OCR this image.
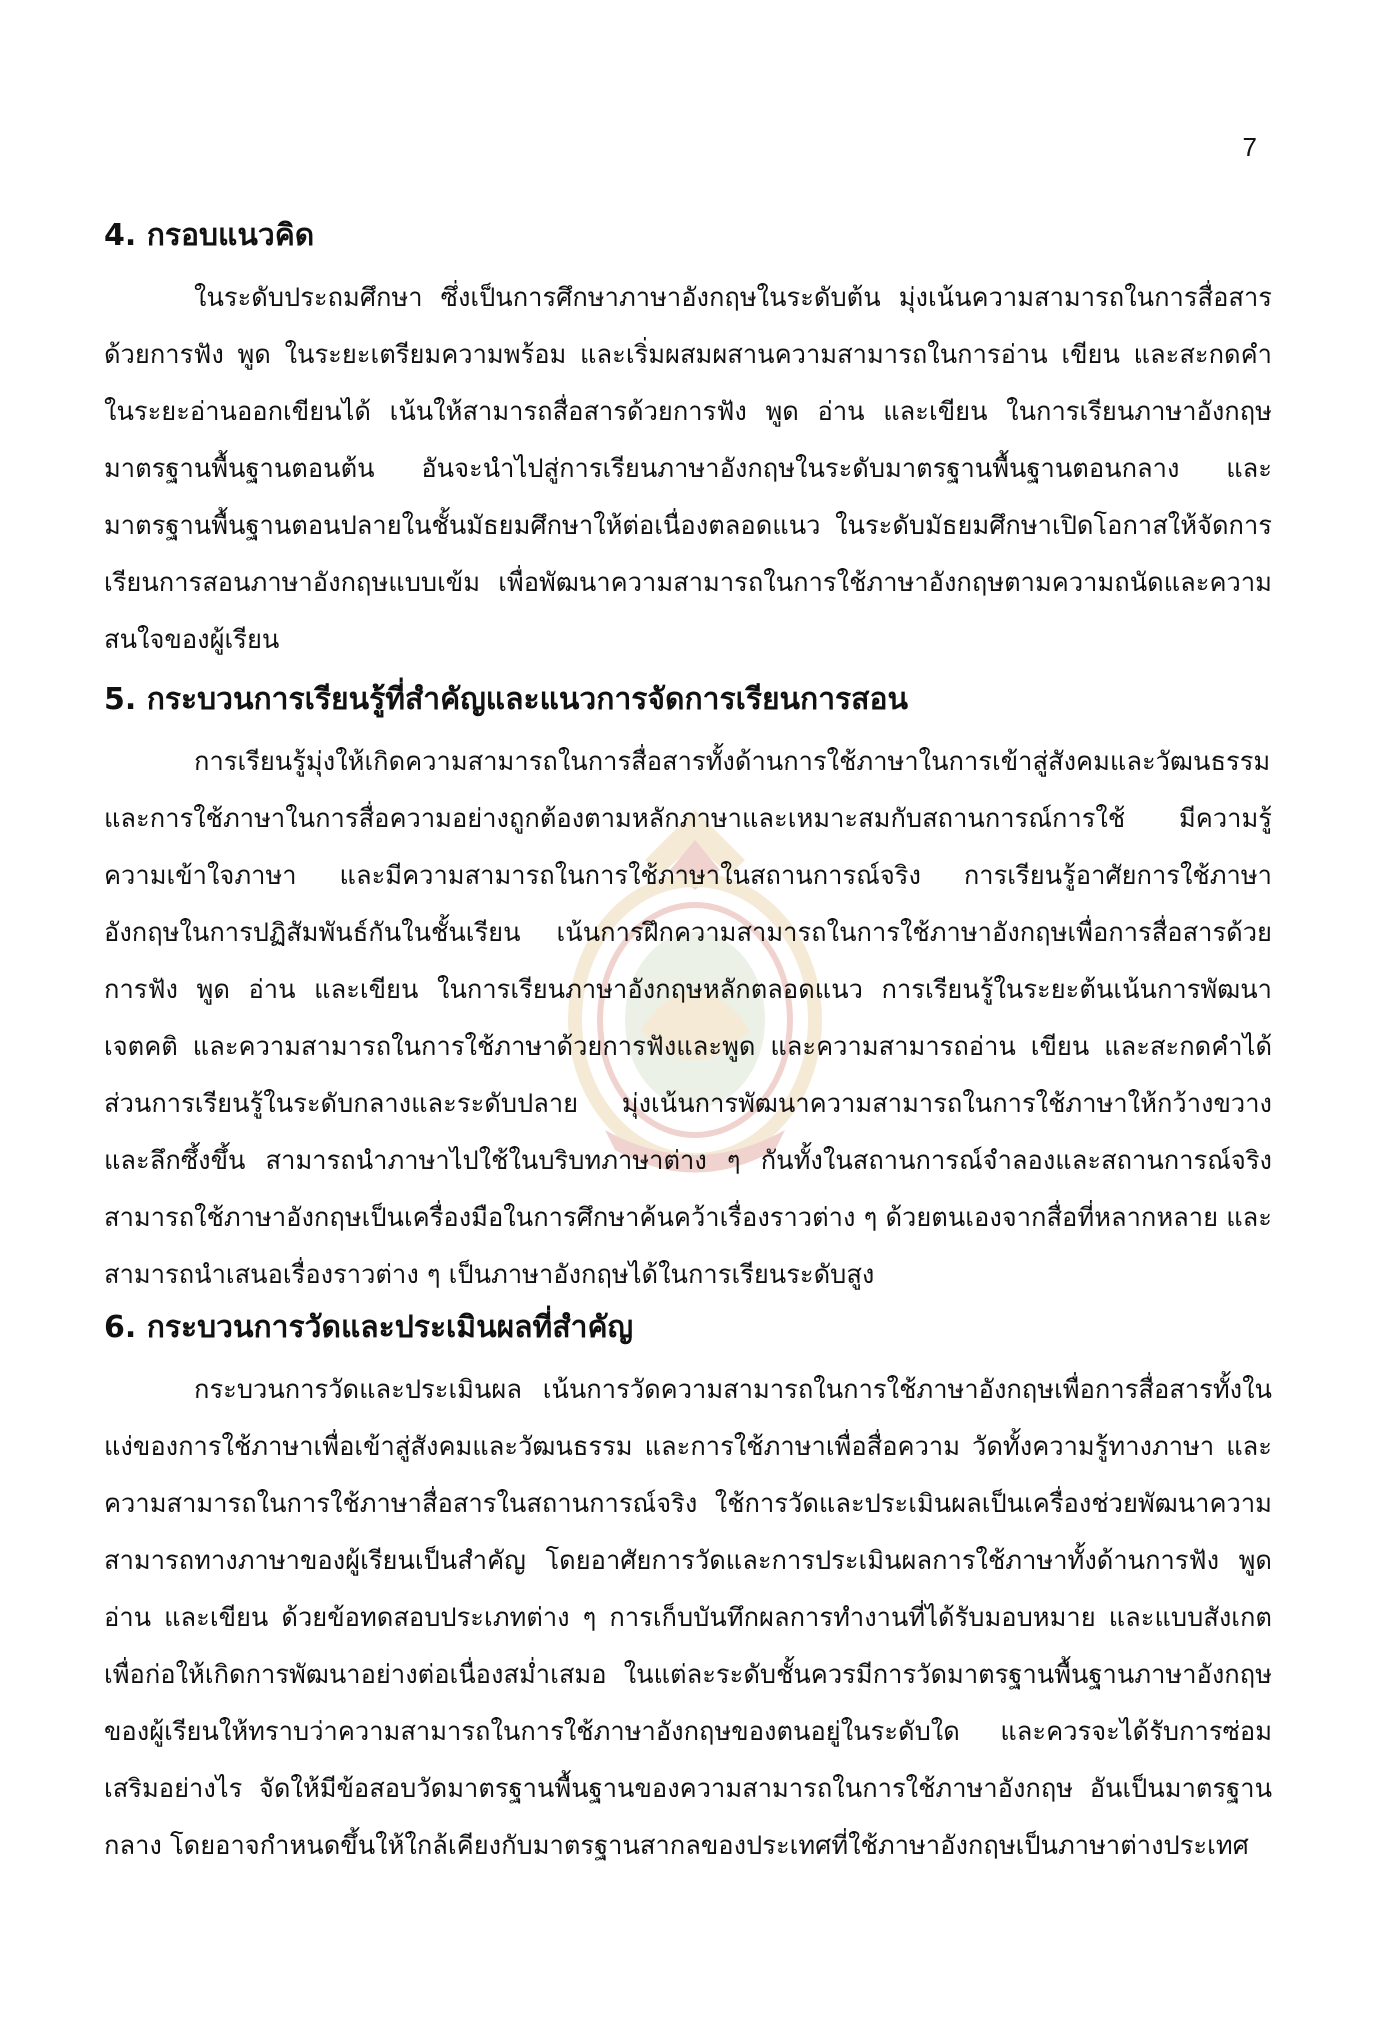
7
4. กรอบแนวคิด

ในระดับประถมศึกษา ซึ่งเป็นการศึกษาภาษาอังกฤษในระดับต้น มุ่งเน้นความสามารถในการสื่อสารด้วยการฟัง พูด ในระยะเตรียมความพร้อม และเริ่มผสมผสานความสามารถในการอ่าน เขียน และสะกดคำในระยะอ่านออกเขียนได้ เน้นให้สามารถสื่อสารด้วยการฟัง พูด อ่าน และเขียน ในการเรียนภาษาอังกฤษมาตรฐานพื้นฐานตอนต้น อันจะนำไปสู่การเรียนภาษาอังกฤษในระดับมาตรฐานพื้นฐานตอนกลาง และมาตรฐานพื้นฐานตอนปลายในชั้นมัธยมศึกษาให้ต่อเนื่องตลอดแนว ในระดับมัธยมศึกษาเปิดโอกาสให้จัดการเรียนการสอนภาษาอังกฤษแบบเข้ม เพื่อพัฒนาความสามารถในการใช้ภาษาอังกฤษตามความถนัดและความสนใจของผู้เรียน

5. กระบวนการเรียนรู้ที่สำคัญและแนวการจัดการเรียนการสอน

การเรียนรู้มุ่งให้เกิดความสามารถในการสื่อสารทั้งด้านการใช้ภาษาในการเข้าสู่สังคมและวัฒนธรรม และการใช้ภาษาในการสื่อความอย่างถูกต้องตามหลักภาษาและเหมาะสมกับสถานการณ์การใช้ มีความรู้ความเข้าใจภาษา และมีความสามารถในการใช้ภาษาในสถานการณ์จริง การเรียนรู้อาศัยการใช้ภาษาอังกฤษในการปฏิสัมพันธ์กันในชั้นเรียน เน้นการฝึกความสามารถในการใช้ภาษาอังกฤษเพื่อการสื่อสารด้วยการฟัง พูด อ่าน และเขียน ในการเรียนภาษาอังกฤษหลักตลอดแนว การเรียนรู้ในระยะต้นเน้นการพัฒนาเจตคติ และความสามารถในการใช้ภาษาด้วยการฟังและพูด และความสามารถอ่าน เขียน และสะกดคำได้ ส่วนการเรียนรู้ในระดับกลางและระดับปลาย มุ่งเน้นการพัฒนาความสามารถในการใช้ภาษาให้กว้างขวางและลึกซึ้งขึ้น สามารถนำภาษาไปใช้ในบริบทภาษาต่าง ๆ กันทั้งในสถานการณ์จำลองและสถานการณ์จริง สามารถใช้ภาษาอังกฤษเป็นเครื่องมือในการศึกษาค้นคว้าเรื่องราวต่าง ๆ ด้วยตนเองจากสื่อที่หลากหลาย และสามารถนำเสนอเรื่องราวต่าง ๆ เป็นภาษาอังกฤษได้ในการเรียนระดับสูง

6. กระบวนการวัดและประเมินผลที่สำคัญ

กระบวนการวัดและประเมินผล เน้นการวัดความสามารถในการใช้ภาษาอังกฤษเพื่อการสื่อสารทั้งในแง่ของการใช้ภาษาเพื่อเข้าสู่สังคมและวัฒนธรรม และการใช้ภาษาเพื่อสื่อความ วัดทั้งความรู้ทางภาษา และความสามารถในการใช้ภาษาสื่อสารในสถานการณ์จริง ใช้การวัดและประเมินผลเป็นเครื่องช่วยพัฒนาความสามารถทางภาษาของผู้เรียนเป็นสำคัญ โดยอาศัยการวัดและการประเมินผลการใช้ภาษาทั้งด้านการฟัง พูด อ่าน และเขียน ด้วยข้อทดสอบประเภทต่าง ๆ การเก็บบันทึกผลการทำงานที่ได้รับมอบหมาย และแบบสังเกต เพื่อก่อให้เกิดการพัฒนาอย่างต่อเนื่องสม่ำเสมอ ในแต่ละระดับชั้นควรมีการวัดมาตรฐานพื้นฐานภาษาอังกฤษของผู้เรียนให้ทราบว่าความสามารถในการใช้ภาษาอังกฤษของตนอยู่ในระดับใด และควรจะได้รับการซ่อมเสริมอย่างไร จัดให้มีข้อสอบวัดมาตรฐานพื้นฐานของความสามารถในการใช้ภาษาอังกฤษ อันเป็นมาตรฐานกลาง โดยอาจกำหนดขึ้นให้ใกล้เคียงกับมาตรฐานสากลของประเทศที่ใช้ภาษาอังกฤษเป็นภาษาต่างประเทศ
